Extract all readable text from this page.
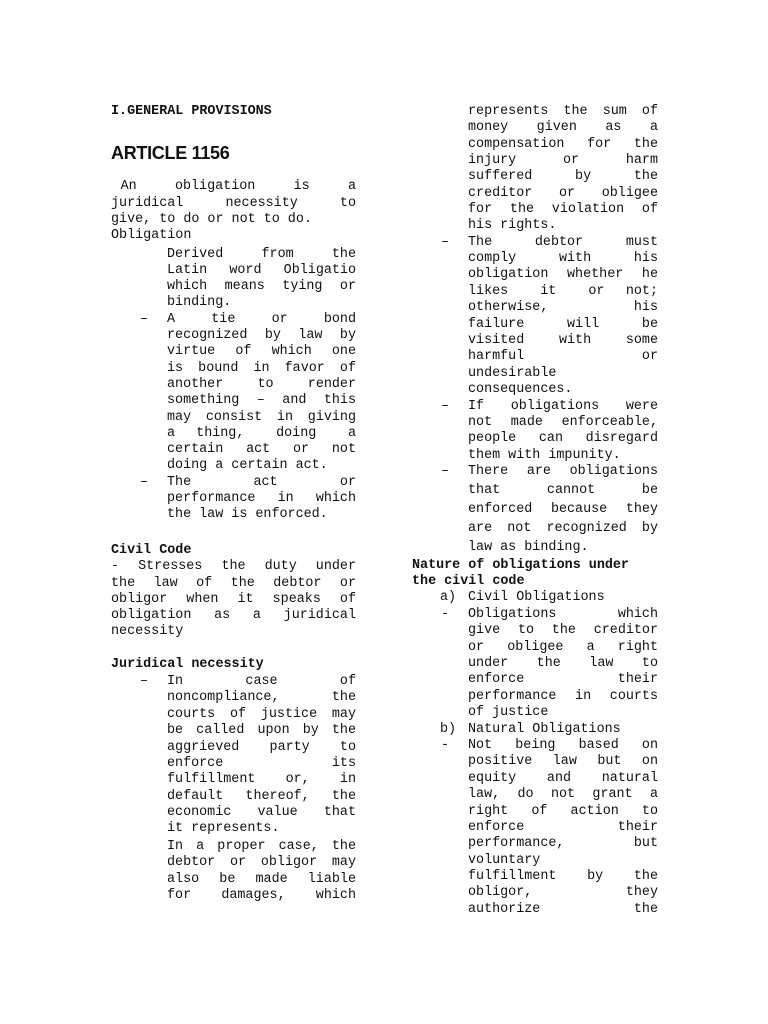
I.GENERAL PROVISIONS
ARTICLE 1156
An    obligation    is    a
juridical   necessity   to
give, to do or not to do.
Obligation
Derived    from    the
Latin word Obligatio
which means tying or
binding.
– A   tie   or   bond
recognized by law by
virtue of which one
is bound in favor of
another   to   render
something – and this
may consist in giving
a  thing,   doing   a
certain  act  or  not
doing a certain act.
– The    act    or
performance in which
the law is enforced.
Civil Code
- Stresses the duty under
the law of the debtor or
obligor when it speaks of
obligation as a juridical
necessity
Juridical necessity
– In    case    of
noncompliance,   the
courts of justice may
be called upon by the
aggrieved party to
enforce         its
fulfillment or, in
default thereof, the
economic value that
it represents.
In a proper case, the
debtor or obligor may
also be made liable
for damages, which
represents the sum of
money  given  as  a
compensation for the
injury    or    harm
suffered    by    the
creditor or obligee
for the violation of
his rights.
– The    debtor    must
comply    with    his
obligation whether he
likes   it   or  not;
otherwise,         his
failure    will    be
visited   with   some
harmful            or
undesirable
consequences.
– If  obligations  were
not made enforceable,
people can disregard
them with impunity.
– There are obligations
that    cannot    be
enforced because they
are not recognized by
law as binding.
Nature of obligations under
the civil code
a) Civil Obligations
- Obligations     which
give to the creditor
or obligee a right
under  the  law  to
enforce          their
performance in courts
of justice
b) Natural Obligations
- Not  being  based  on
positive law but on
equity  and  natural
law, do not grant a
right  of  action  to
enforce          their
performance,        but
voluntary
fulfillment  by  the
obligor,         they
authorize          the
